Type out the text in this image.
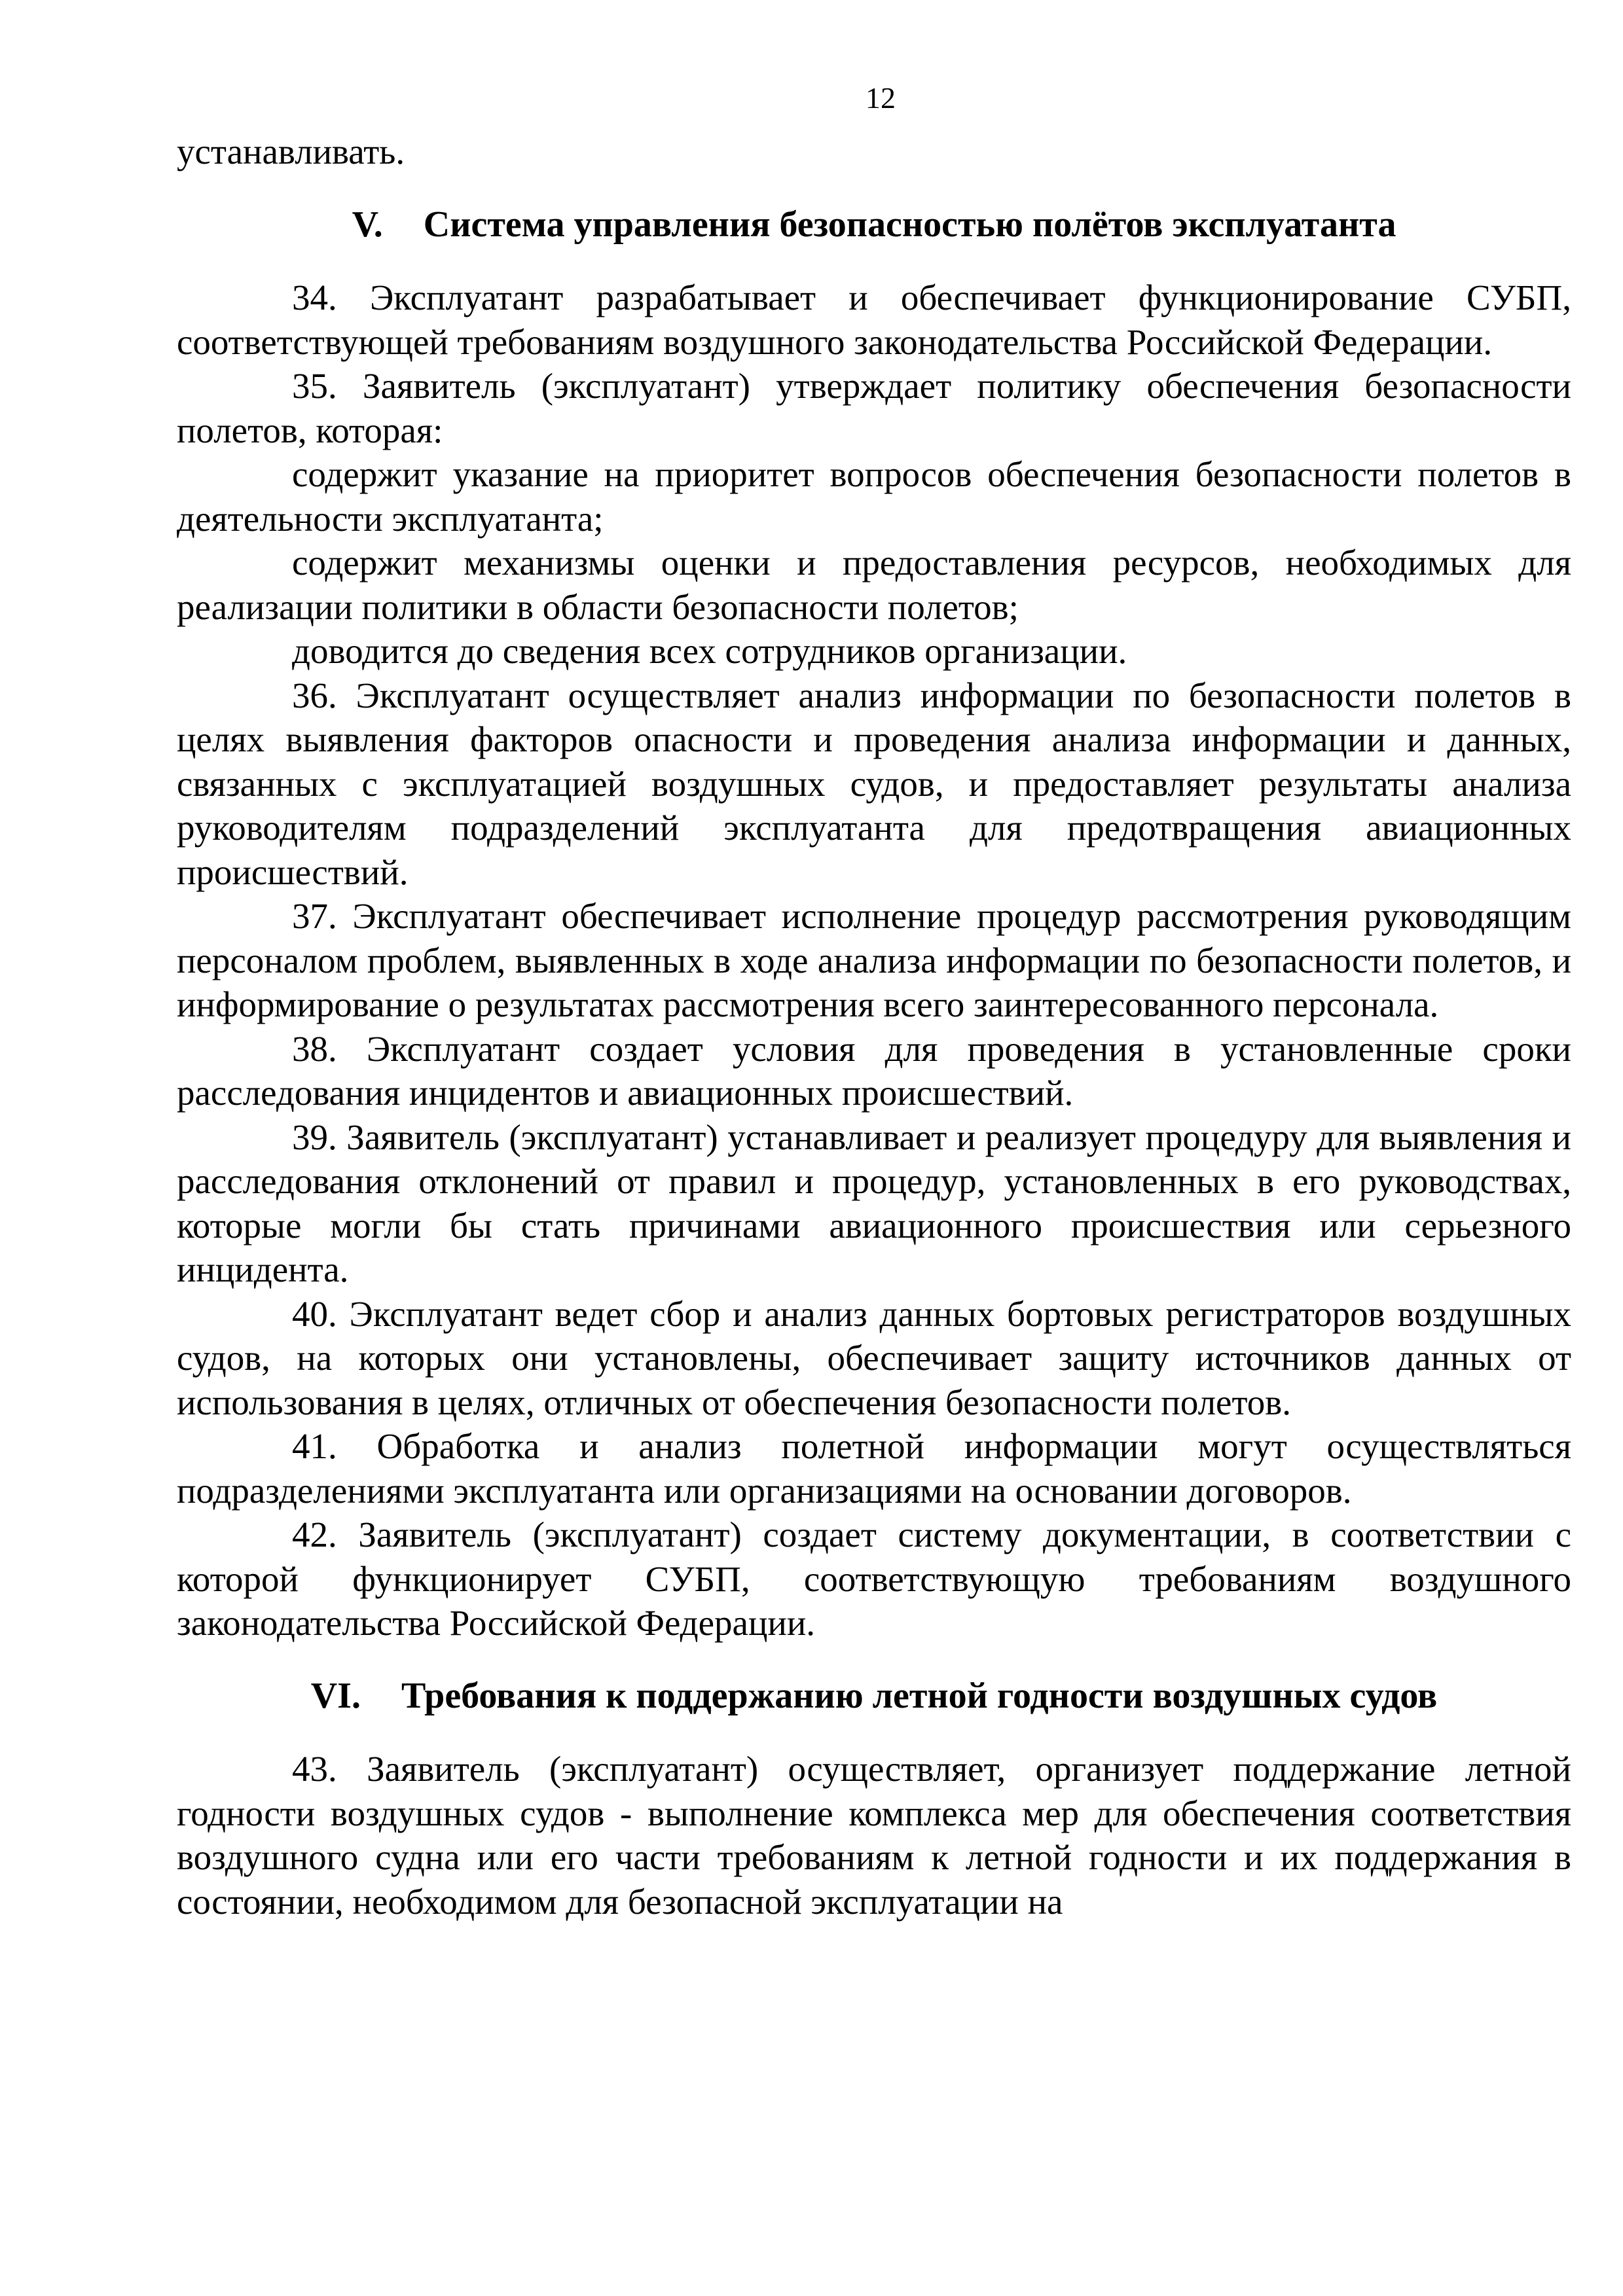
12

устанавливать.

V. Система управления безопасностью полётов эксплуатанта

34. Эксплуатант разрабатывает и обеспечивает функционирование СУБП, соответствующей требованиям воздушного законодательства Российской Федерации.

35. Заявитель (эксплуатант) утверждает политику обеспечения безопасности полетов, которая:

содержит указание на приоритет вопросов обеспечения безопасности полетов в деятельности эксплуатанта;

содержит механизмы оценки и предоставления ресурсов, необходимых для реализации политики в области безопасности полетов;

доводится до сведения всех сотрудников организации.

36. Эксплуатант осуществляет анализ информации по безопасности полетов в целях выявления факторов опасности и проведения анализа информации и данных, связанных с эксплуатацией воздушных судов, и предоставляет результаты анализа руководителям подразделений эксплуатанта для предотвращения авиационных происшествий.

37. Эксплуатант обеспечивает исполнение процедур рассмотрения руководящим персоналом проблем, выявленных в ходе анализа информации по безопасности полетов, и информирование о результатах рассмотрения всего заинтересованного персонала.

38. Эксплуатант создает условия для проведения в установленные сроки расследования инцидентов и авиационных происшествий.

39. Заявитель (эксплуатант) устанавливает и реализует процедуру для выявления и расследования отклонений от правил и процедур, установленных в его руководствах, которые могли бы стать причинами авиационного происшествия или серьезного инцидента.

40. Эксплуатант ведет сбор и анализ данных бортовых регистраторов воздушных судов, на которых они установлены, обеспечивает защиту источников данных от использования в целях, отличных от обеспечения безопасности полетов.

41. Обработка и анализ полетной информации могут осуществляться подразделениями эксплуатанта или организациями на основании договоров.

42. Заявитель (эксплуатант) создает систему документации, в соответствии с которой функционирует СУБП, соответствующую требованиям воздушного законодательства Российской Федерации.

VI. Требования к поддержанию летной годности воздушных судов

43. Заявитель (эксплуатант) осуществляет, организует поддержание летной годности воздушных судов - выполнение комплекса мер для обеспечения соответствия воздушного судна или его части требованиям к летной годности и их поддержания в состоянии, необходимом для безопасной эксплуатации на
